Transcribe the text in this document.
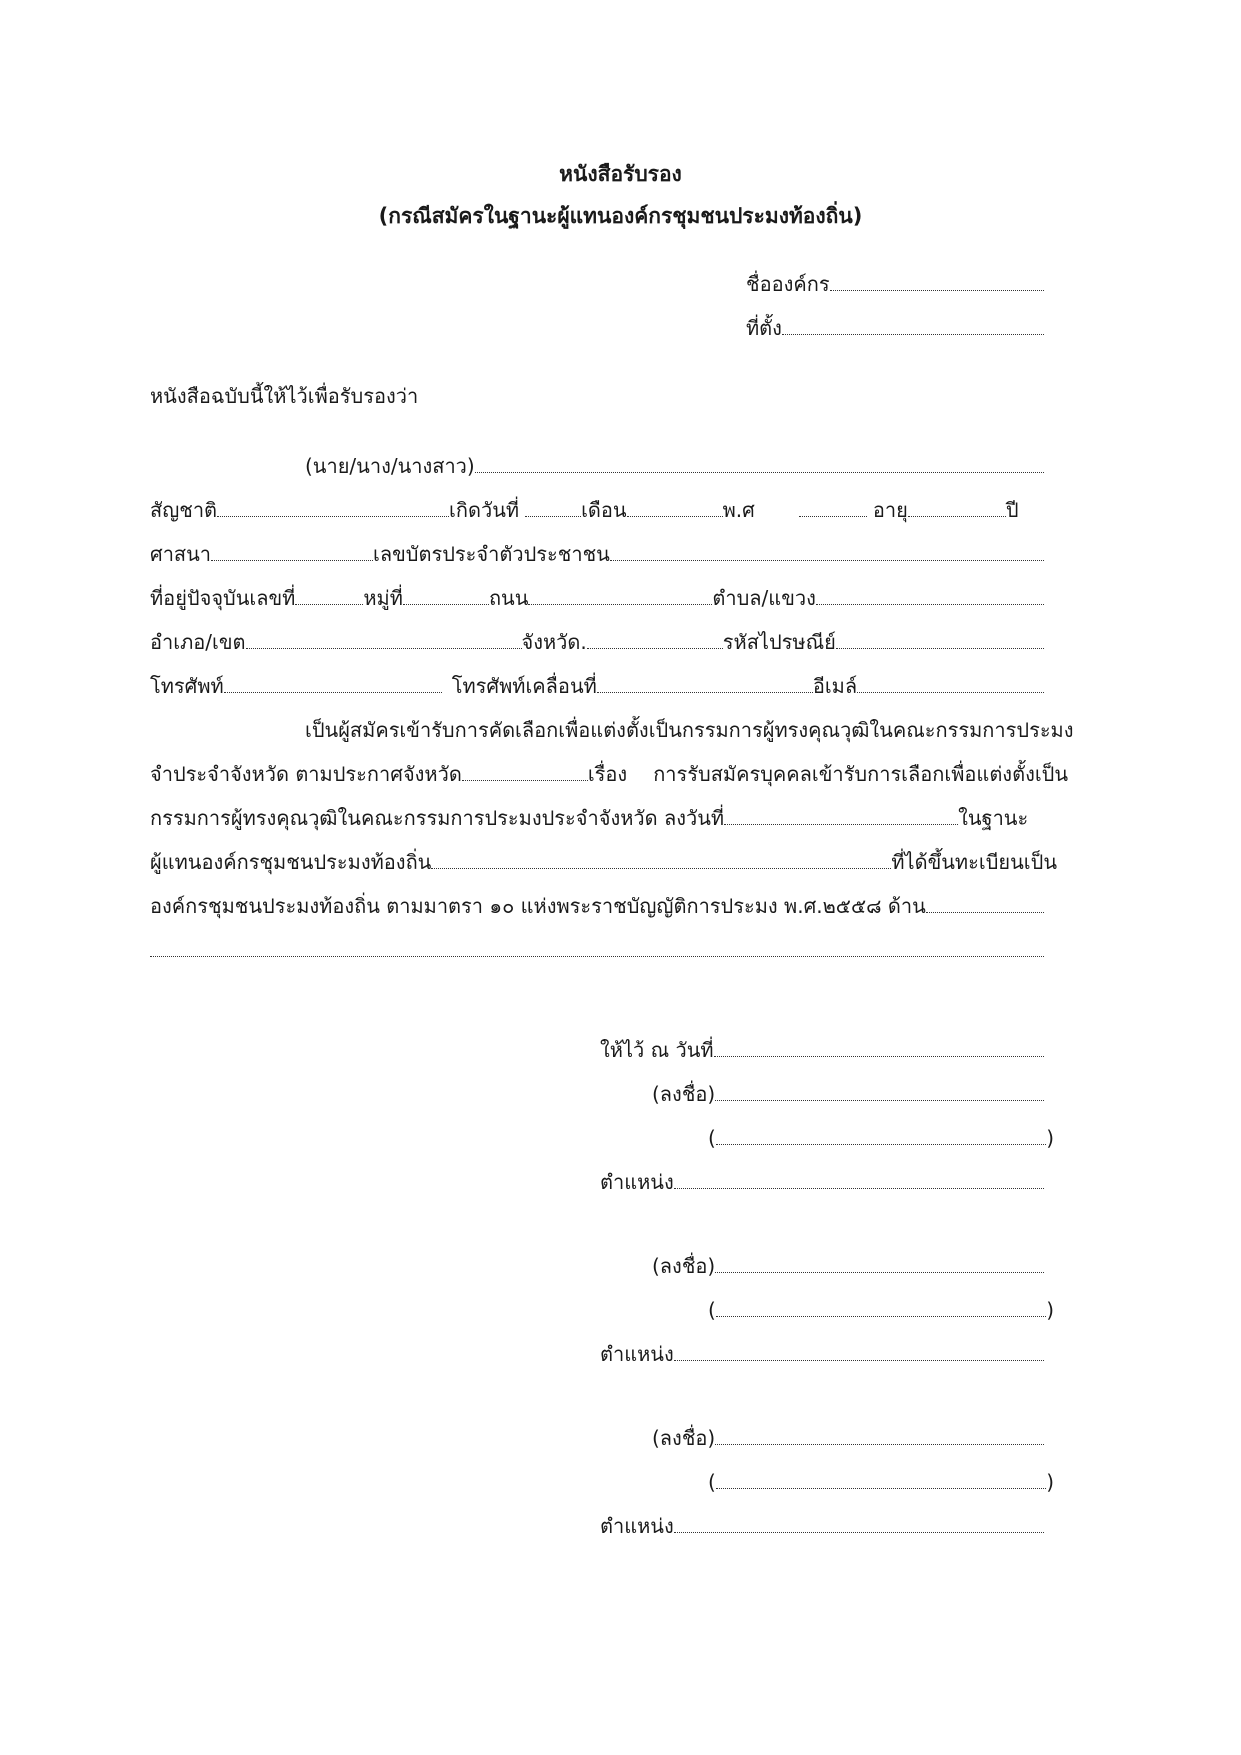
หนังสือรับรอง
(กรณีสมัครในฐานะผู้แทนองค์กรชุมชนประมงท้องถิ่น)
ชื่อองค์กร
ที่ตั้ง
หนังสือฉบับนี้ให้ไว้เพื่อรับรองว่า
(นาย/นาง/นางสาว)
สัญชาติ	เกิดวันที่	เดือน	พ.ศ	อายุ	ปี
ศาสนา	เลขบัตรประจำตัวประชาชน
ที่อยู่ปัจจุบันเลขที่	หมู่ที่	ถนน	ตำบล/แขวง
อำเภอ/เขต	จังหวัด.	รหัสไปรษณีย์
โทรศัพท์	โทรศัพท์เคลื่อนที่	อีเมล์
เป็นผู้สมัครเข้ารับการคัดเลือกเพื่อแต่งตั้งเป็นกรรมการผู้ทรงคุณวุฒิในคณะกรรมการประมง
จำประจำจังหวัด ตามประกาศจังหวัด	เรื่อง การรับสมัครบุคคลเข้ารับการเลือกเพื่อแต่งตั้งเป็น
กรรมการผู้ทรงคุณวุฒิในคณะกรรมการประมงประจำจังหวัด ลงวันที่	ในฐานะ
ผู้แทนองค์กรชุมชนประมงท้องถิ่น	ที่ได้ขึ้นทะเบียนเป็น
องค์กรชุมชนประมงท้องถิ่น ตามมาตรา ๑๐ แห่งพระราชบัญญัติการประมง พ.ศ.๒๕๕๘ ด้าน
ให้ไว้ ณ วันที่
(ลงชื่อ)
(	)
ตำแหน่ง
(ลงชื่อ)
(	)
ตำแหน่ง
(ลงชื่อ)
(	)
ตำแหน่ง
